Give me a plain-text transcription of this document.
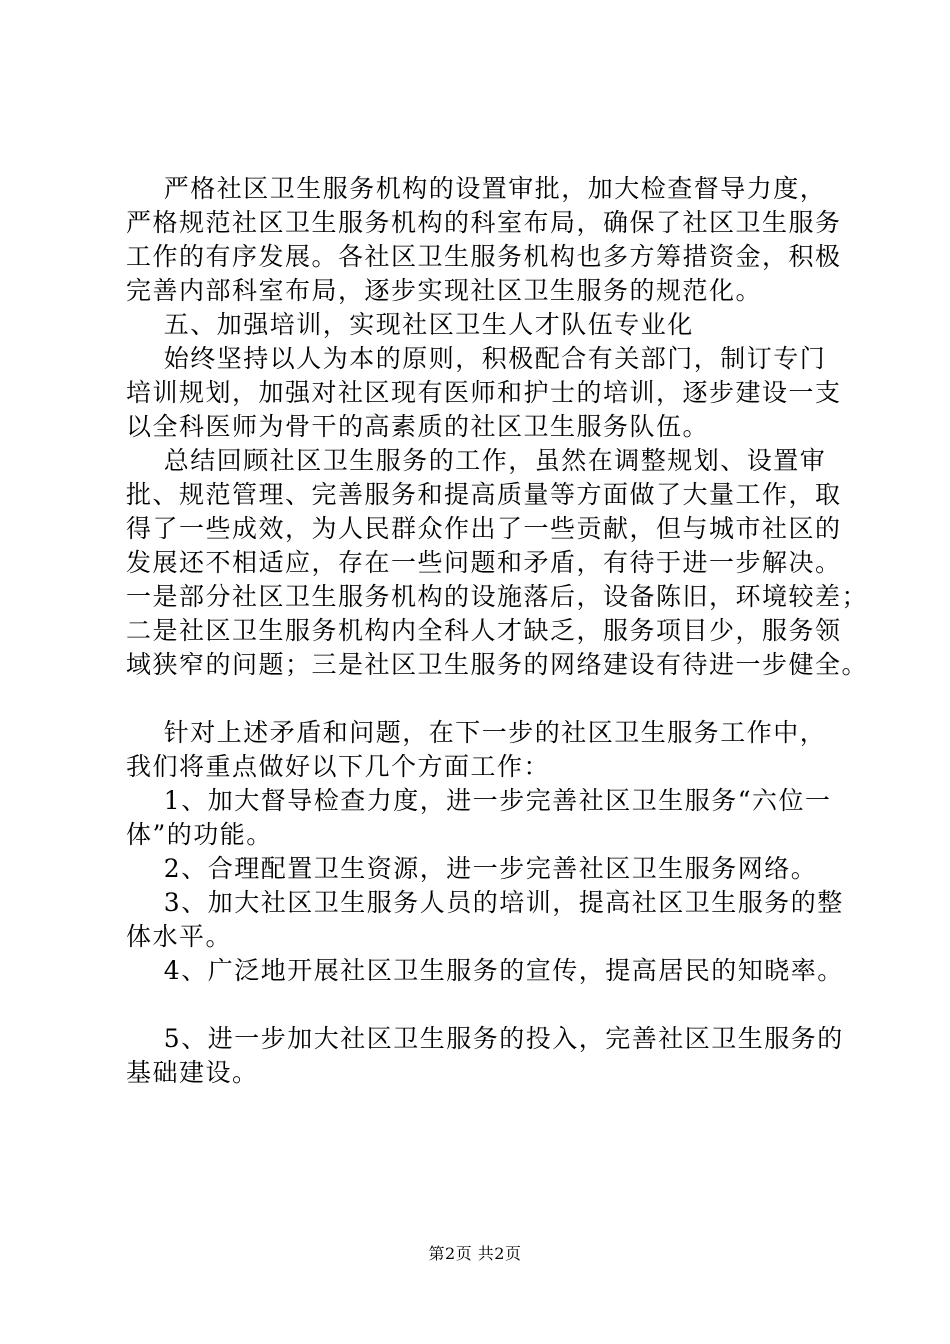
严格社区卫生服务机构的设置审批，加大检查督导力度，

严格规范社区卫生服务机构的科室布局，确保了社区卫生服务

工作的有序发展。各社区卫生服务机构也多方筹措资金，积极

完善内部科室布局，逐步实现社区卫生服务的规范化。

五、加强培训，实现社区卫生人才队伍专业化

始终坚持以人为本的原则，积极配合有关部门，制订专门

培训规划，加强对社区现有医师和护士的培训，逐步建设一支

以全科医师为骨干的高素质的社区卫生服务队伍。

总结回顾社区卫生服务的工作，虽然在调整规划、设置审

批、规范管理、完善服务和提高质量等方面做了大量工作，取

得了一些成效，为人民群众作出了一些贡献，但与城市社区的

发展还不相适应，存在一些问题和矛盾，有待于进一步解决。

一是部分社区卫生服务机构的设施落后，设备陈旧，环境较差；

二是社区卫生服务机构内全科人才缺乏，服务项目少，服务领

域狭窄的问题；三是社区卫生服务的网络建设有待进一步健全。

针对上述矛盾和问题，在下一步的社区卫生服务工作中，

我们将重点做好以下几个方面工作：

1、加大督导检查力度，进一步完善社区卫生服务“六位一

体”的功能。

2、合理配置卫生资源，进一步完善社区卫生服务网络。

3、加大社区卫生服务人员的培训，提高社区卫生服务的整

体水平。

4、广泛地开展社区卫生服务的宣传，提高居民的知晓率。

5、进一步加大社区卫生服务的投入，完善社区卫生服务的

基础建设。

第2页 共2页
